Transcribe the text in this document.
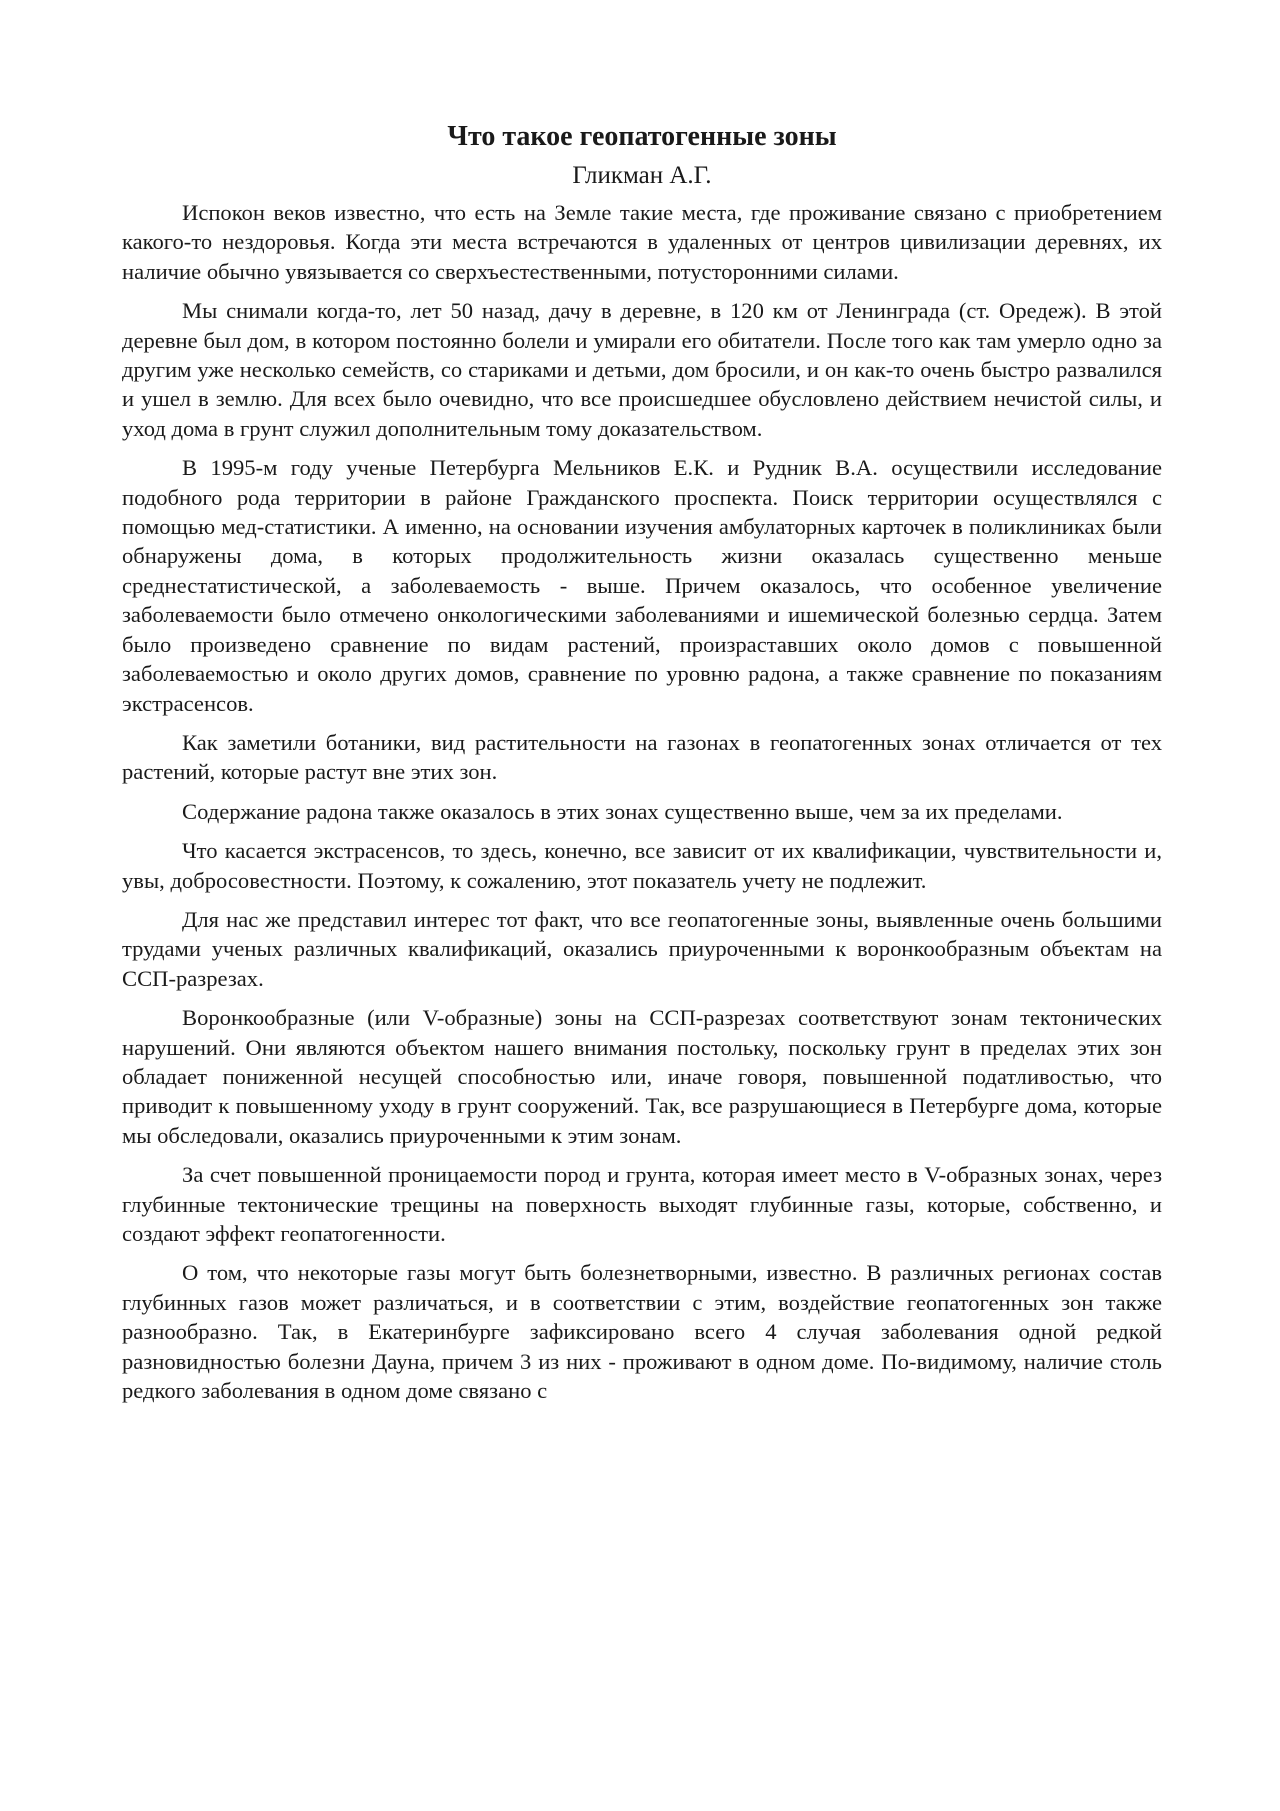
Что такое геопатогенные зоны
Гликман А.Г.

Испокон веков известно, что есть на Земле такие места, где проживание связано с приобретением какого-то нездоровья. Когда эти места встречаются в удаленных от центров цивилизации деревнях, их наличие обычно увязывается со сверхъестественными, потусторонними силами.

Мы снимали когда-то, лет 50 назад, дачу в деревне, в 120 км от Ленинграда (ст. Оредеж). В этой деревне был дом, в котором постоянно болели и умирали его обитатели. После того как там умерло одно за другим уже несколько семейств, со стариками и детьми, дом бросили, и он как-то очень быстро развалился и ушел в землю. Для всех было очевидно, что все происшедшее обусловлено действием нечистой силы, и уход дома в грунт служил дополнительным тому доказательством.

В 1995-м году ученые Петербурга Мельников Е.К. и Рудник В.А. осуществили исследование подобного рода территории в районе Гражданского проспекта. Поиск территории осуществлялся с помощью мед-статистики. А именно, на основании изучения амбулаторных карточек в поликлиниках были обнаружены дома, в которых продолжительность жизни оказалась существенно меньше среднестатистической, а заболеваемость - выше. Причем оказалось, что особенное увеличение заболеваемости было отмечено онкологическими заболеваниями и ишемической болезнью сердца. Затем было произведено сравнение по видам растений, произраставших около домов с повышенной заболеваемостью и около других домов, сравнение по уровню радона, а также сравнение по показаниям экстрасенсов.

Как заметили ботаники, вид растительности на газонах в геопатогенных зонах отличается от тех растений, которые растут вне этих зон.

Содержание радона также оказалось в этих зонах существенно выше, чем за их пределами.

Что касается экстрасенсов, то здесь, конечно, все зависит от их квалификации, чувствительности и, увы, добросовестности. Поэтому, к сожалению, этот показатель учету не подлежит.

Для нас же представил интерес тот факт, что все геопатогенные зоны, выявленные очень большими трудами ученых различных квалификаций, оказались приуроченными к воронкообразным объектам на ССП-разрезах.

Воронкообразные (или V-образные) зоны на ССП-разрезах соответствуют зонам тектонических нарушений. Они являются объектом нашего внимания постольку, поскольку грунт в пределах этих зон обладает пониженной несущей способностью или, иначе говоря, повышенной податливостью, что приводит к повышенному уходу в грунт сооружений. Так, все разрушающиеся в Петербурге дома, которые мы обследовали, оказались приуроченными к этим зонам.

За счет повышенной проницаемости пород и грунта, которая имеет место в V-образных зонах, через глубинные тектонические трещины на поверхность выходят глубинные газы, которые, собственно, и создают эффект геопатогенности.

О том, что некоторые газы могут быть болезнетворными, известно. В различных регионах состав глубинных газов может различаться, и в соответствии с этим, воздействие геопатогенных зон также разнообразно. Так, в Екатеринбурге зафиксировано всего 4 случая заболевания одной редкой разновидностью болезни Дауна, причем 3 из них - проживают в одном доме. По-видимому, наличие столь редкого заболевания в одном доме связано с
